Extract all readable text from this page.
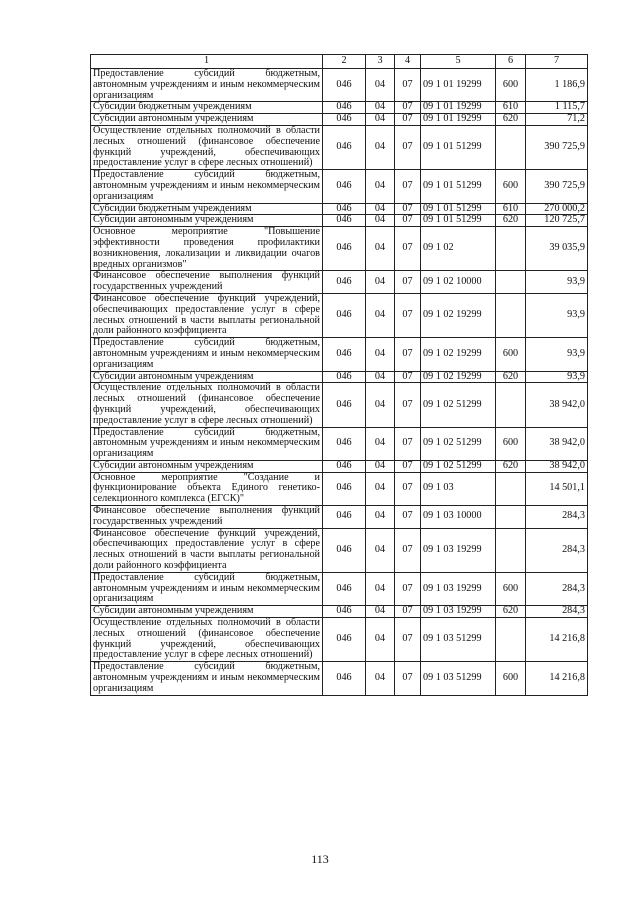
1	2	3	4	5	6	7
Предоставление субсидий бюджетным, автономным учреждениям и иным некоммерческим организациям	046	04	07	09 1 01 19299	600	1 186,9
Субсидии бюджетным учреждениям	046	04	07	09 1 01 19299	610	1 115,7
Субсидии автономным учреждениям	046	04	07	09 1 01 19299	620	71,2
Осуществление отдельных полномочий в области лесных отношений (финансовое обеспечение функций учреждений, обеспечивающих предоставление услуг в сфере лесных отношений)	046	04	07	09 1 01 51299		390 725,9
Предоставление субсидий бюджетным, автономным учреждениям и иным некоммерческим организациям	046	04	07	09 1 01 51299	600	390 725,9
Субсидии бюджетным учреждениям	046	04	07	09 1 01 51299	610	270 000,2
Субсидии автономным учреждениям	046	04	07	09 1 01 51299	620	120 725,7
Основное мероприятие "Повышение эффективности проведения профилактики возникновения, локализации и ликвидации очагов вредных организмов"	046	04	07	09 1 02		39 035,9
Финансовое обеспечение выполнения функций государственных учреждений	046	04	07	09 1 02 10000		93,9
Финансовое обеспечение функций учреждений, обеспечивающих предоставление услуг в сфере лесных отношений в части выплаты региональной доли районного коэффициента	046	04	07	09 1 02 19299		93,9
Предоставление субсидий бюджетным, автономным учреждениям и иным некоммерческим организациям	046	04	07	09 1 02 19299	600	93,9
Субсидии автономным учреждениям	046	04	07	09 1 02 19299	620	93,9
Осуществление отдельных полномочий в области лесных отношений (финансовое обеспечение функций учреждений, обеспечивающих предоставление услуг в сфере лесных отношений)	046	04	07	09 1 02 51299		38 942,0
Предоставление субсидий бюджетным, автономным учреждениям и иным некоммерческим организациям	046	04	07	09 1 02 51299	600	38 942,0
Субсидии автономным учреждениям	046	04	07	09 1 02 51299	620	38 942,0
Основное мероприятие "Создание и функционирование объекта Единого генетико-селекционного комплекса (ЕГСК)"	046	04	07	09 1 03		14 501,1
Финансовое обеспечение выполнения функций государственных учреждений	046	04	07	09 1 03 10000		284,3
Финансовое обеспечение функций учреждений, обеспечивающих предоставление услуг в сфере лесных отношений в части выплаты региональной доли районного коэффициента	046	04	07	09 1 03 19299		284,3
Предоставление субсидий бюджетным, автономным учреждениям и иным некоммерческим организациям	046	04	07	09 1 03 19299	600	284,3
Субсидии автономным учреждениям	046	04	07	09 1 03 19299	620	284,3
Осуществление отдельных полномочий в области лесных отношений (финансовое обеспечение функций учреждений, обеспечивающих предоставление услуг в сфере лесных отношений)	046	04	07	09 1 03 51299		14 216,8
Предоставление субсидий бюджетным, автономным учреждениям и иным некоммерческим организациям	046	04	07	09 1 03 51299	600	14 216,8
113
